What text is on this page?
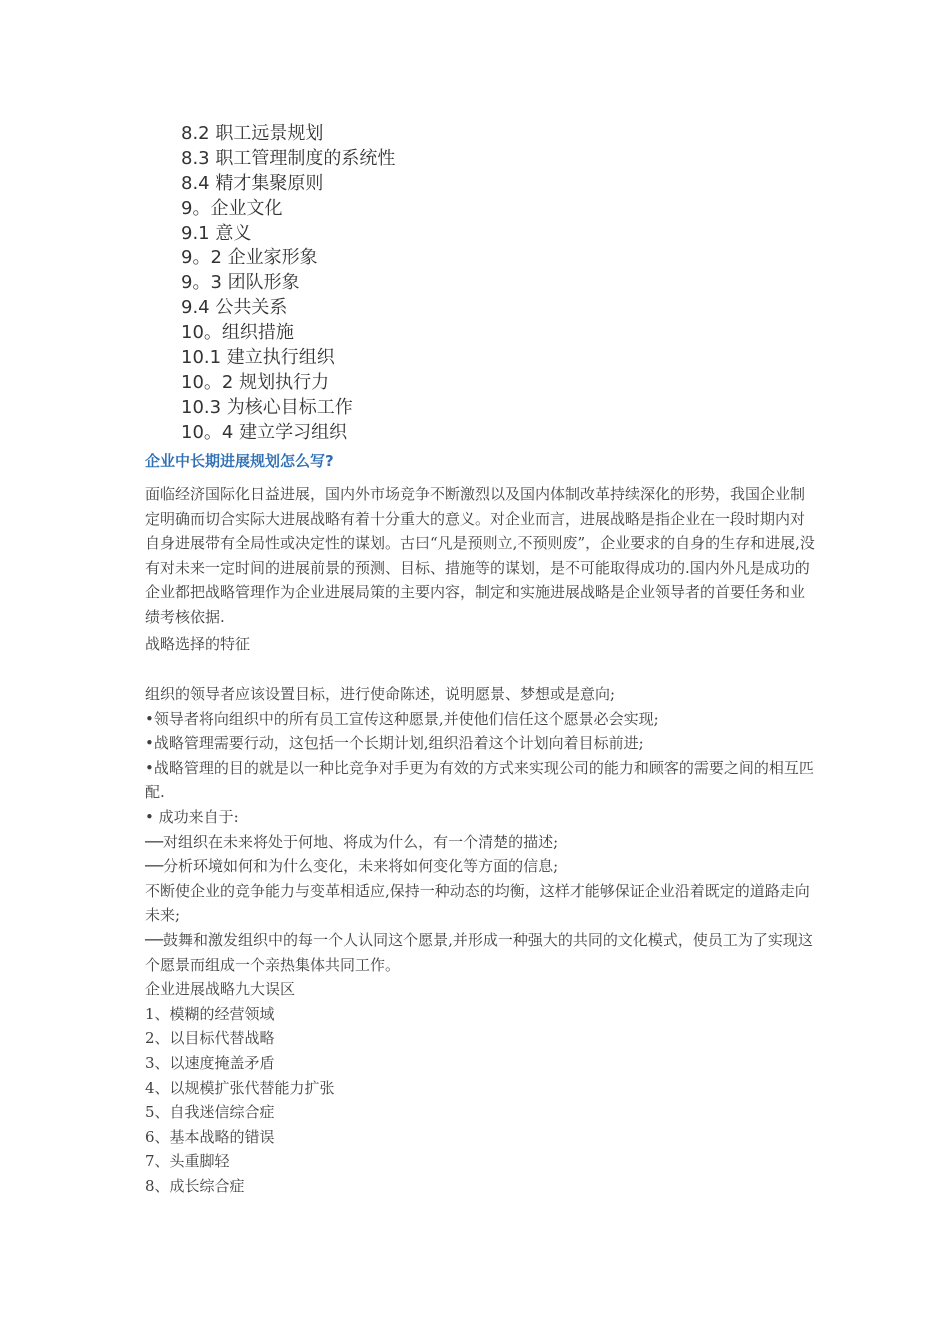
8.2 职工远景规划
8.3 职工管理制度的系统性
8.4 精才集聚原则
9。企业文化
9.1 意义
9。2 企业家形象
9。3 团队形象
9.4 公共关系
10。组织措施
10.1 建立执行组织
10。2 规划执行力
10.3 为核心目标工作
10。4 建立学习组织
企业中长期进展规划怎么写?

面临经济国际化日益进展，国内外市场竞争不断激烈以及国内体制改革持续深化的形势，我国企业制定明确而切合实际大进展战略有着十分重大的意义。对企业而言，进展战略是指企业在一段时期内对自身进展带有全局性或决定性的谋划。古曰“凡是预则立,不预则废”，企业要求的自身的生存和进展,没有对未来一定时间的进展前景的预测、目标、措施等的谋划，是不可能取得成功的.国内外凡是成功的企业都把战略管理作为企业进展局策的主要内容，制定和实施进展战略是企业领导者的首要任务和业绩考核依据.

战略选择的特征

组织的领导者应该设置目标，进行使命陈述，说明愿景、梦想或是意向;

•领导者将向组织中的所有员工宣传这种愿景,并使他们信任这个愿景必会实现;

•战略管理需要行动，这包括一个长期计划,组织沿着这个计划向着目标前进;

•战略管理的目的就是以一种比竞争对手更为有效的方式来实现公司的能力和顾客的需要之间的相互匹配.

• 成功来自于:

──对组织在未来将处于何地、将成为什么，有一个清楚的描述;

──分析环境如何和为什么变化，未来将如何变化等方面的信息;

不断使企业的竞争能力与变革相适应,保持一种动态的均衡，这样才能够保证企业沿着既定的道路走向未来;

──鼓舞和激发组织中的每一个人认同这个愿景,并形成一种强大的共同的文化模式，使员工为了实现这个愿景而组成一个亲热集体共同工作。

企业进展战略九大误区

1、模糊的经营领域

2、以目标代替战略

3、以速度掩盖矛盾

4、以规模扩张代替能力扩张

5、自我迷信综合症

6、基本战略的错误

7、头重脚轻

8、成长综合症
